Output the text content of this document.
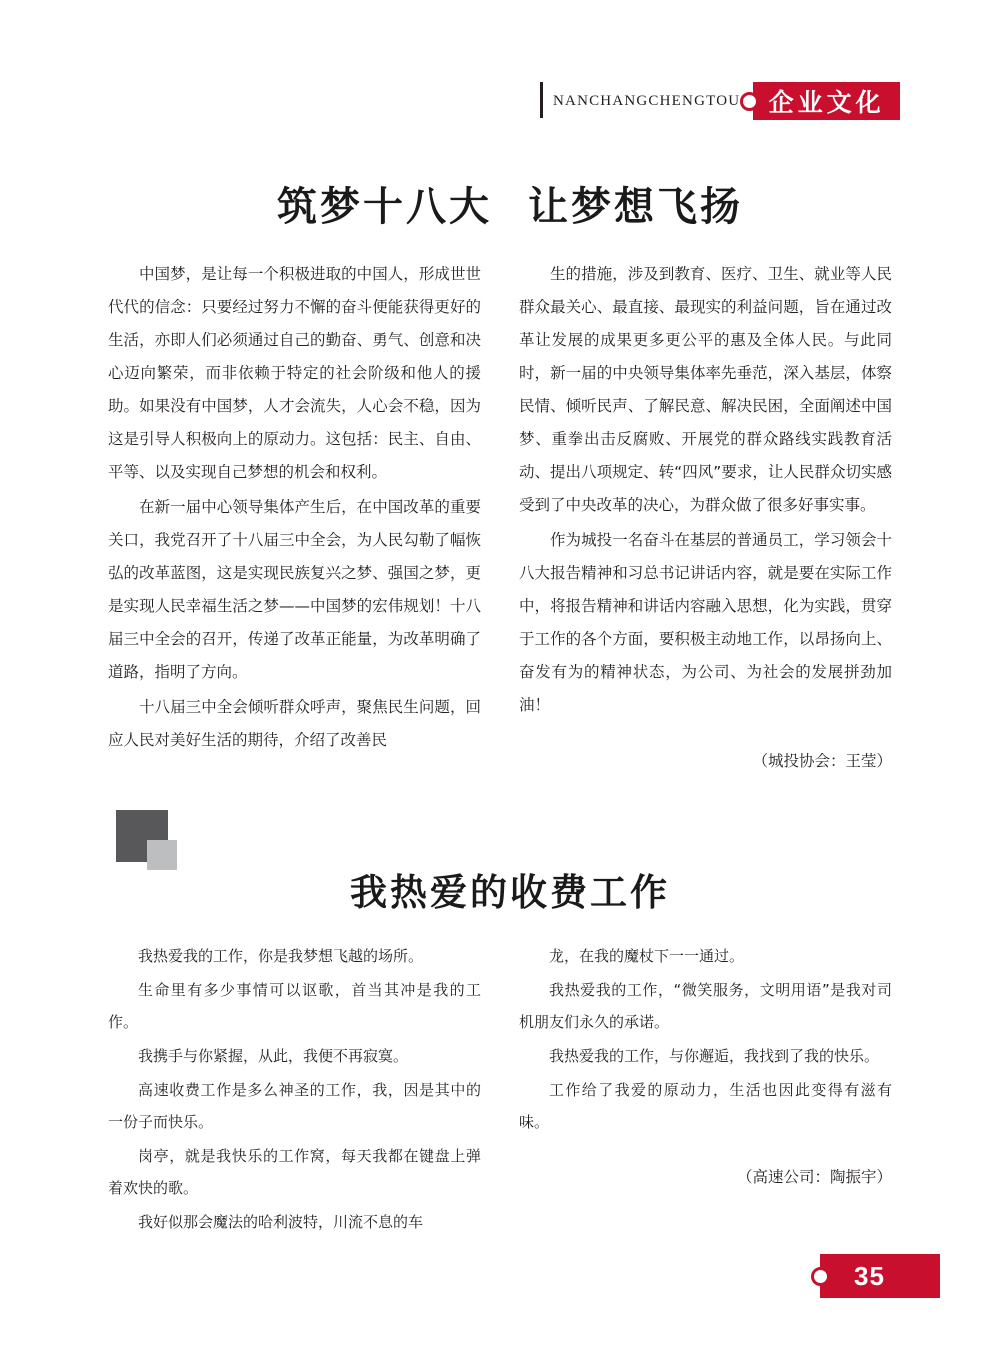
NANCHANGCHENGTOU	企业文化
筑梦十八大 让梦想飞扬

中国梦，是让每一个积极进取的中国人，形成世世代代的信念：只要经过努力不懈的奋斗便能获得更好的生活，亦即人们必须通过自己的勤奋、勇气、创意和决心迈向繁荣，而非依赖于特定的社会阶级和他人的援助。如果没有中国梦，人才会流失，人心会不稳，因为这是引导人积极向上的原动力。这包括：民主、自由、平等、以及实现自己梦想的机会和权利。

在新一届中心领导集体产生后，在中国改革的重要关口，我党召开了十八届三中全会，为人民勾勒了幅恢弘的改革蓝图，这是实现民族复兴之梦、强国之梦，更是实现人民幸福生活之梦——中国梦的宏伟规划！十八届三中全会的召开，传递了改革正能量，为改革明确了道路，指明了方向。

十八届三中全会倾听群众呼声，聚焦民生问题，回应人民对美好生活的期待，介绍了改善民

生的措施，涉及到教育、医疗、卫生、就业等人民群众最关心、最直接、最现实的利益问题，旨在通过改革让发展的成果更多更公平的惠及全体人民。与此同时，新一届的中央领导集体率先垂范，深入基层，体察民情、倾听民声、了解民意、解决民困，全面阐述中国梦、重拳出击反腐败、开展党的群众路线实践教育活动、提出八项规定、转“四风”要求，让人民群众切实感受到了中央改革的决心，为群众做了很多好事实事。

作为城投一名奋斗在基层的普通员工，学习领会十八大报告精神和习总书记讲话内容，就是要在实际工作中，将报告精神和讲话内容融入思想，化为实践，贯穿于工作的各个方面，要积极主动地工作，以昂扬向上、奋发有为的精神状态，为公司、为社会的发展拼劲加油！

（城投协会：王莹）
我热爱的收费工作

我热爱我的工作，你是我梦想飞越的场所。

生命里有多少事情可以讴歌，首当其冲是我的工作。

我携手与你紧握，从此，我便不再寂寞。

高速收费工作是多么神圣的工作，我，因是其中的一份子而快乐。

岗亭，就是我快乐的工作窝，每天我都在键盘上弹着欢快的歌。

我好似那会魔法的哈利波特，川流不息的车

龙，在我的魔杖下一一通过。

我热爱我的工作，“微笑服务，文明用语”是我对司机朋友们永久的承诺。

我热爱我的工作，与你邂逅，我找到了我的快乐。

工作给了我爱的原动力，生活也因此变得有滋有味。

（高速公司：陶振宇）
35
